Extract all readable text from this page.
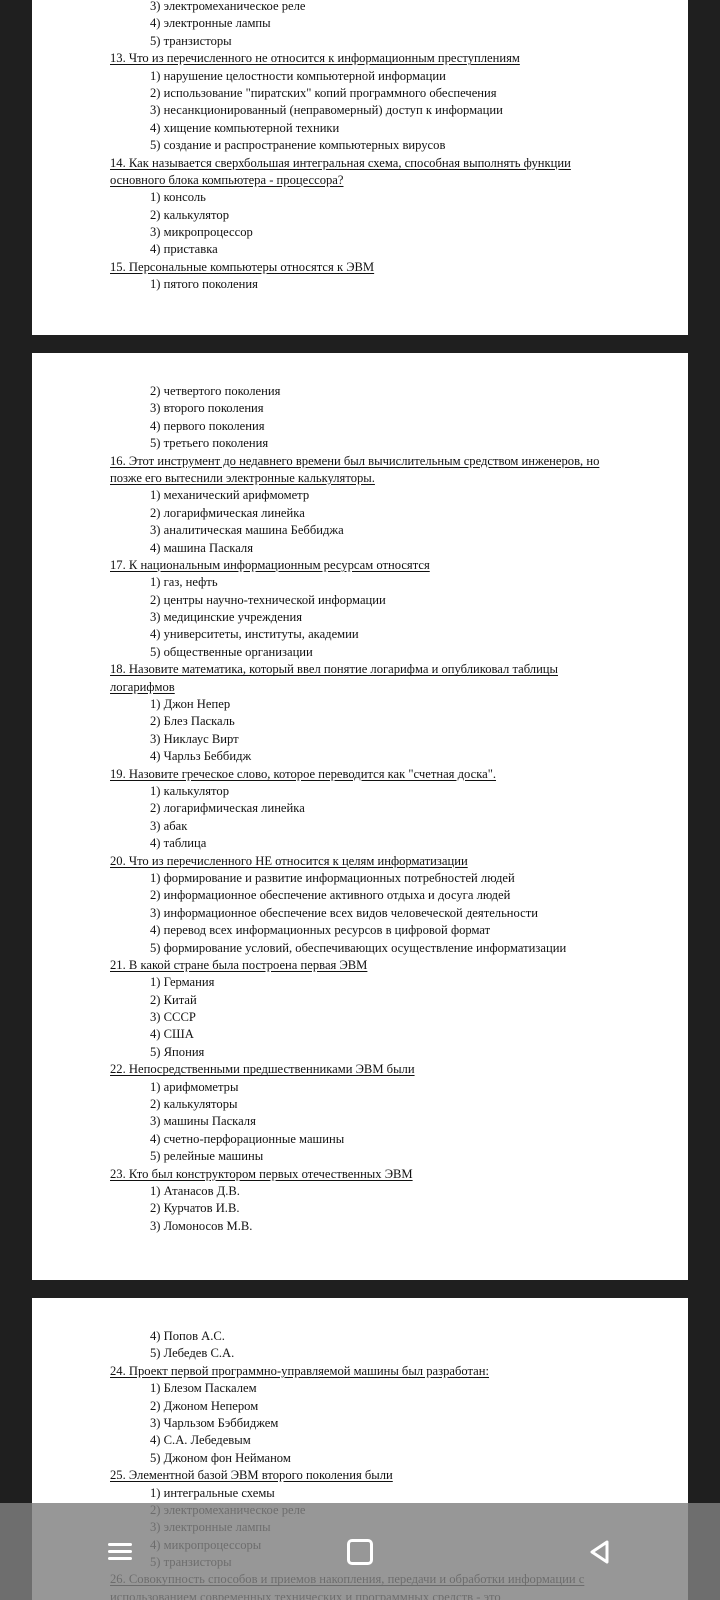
3) электромеханическое реле
4) электронные лампы
5) транзисторы
13. Что из перечисленного не относится к информационным преступлениям
1) нарушение целостности компьютерной информации
2) использование "пиратских" копий программного обеспечения
3) несанкционированный (неправомерный) доступ к информации
4) хищение компьютерной техники
5) создание и распространение компьютерных вирусов
14. Как называется сверхбольшая интегральная схема, способная выполнять функции
основного блока компьютера - процессора?
1) консоль
2) калькулятор
3) микропроцессор
4) приставка
15. Персональные компьютеры относятся к ЭВМ
1) пятого поколения
2) четвертого поколения
3) второго поколения
4) первого поколения
5) третьего поколения
16. Этот инструмент до недавнего времени был вычислительным средством инженеров, но
позже его вытеснили электронные калькуляторы.
1) механический арифмометр
2) логарифмическая линейка
3) аналитическая машина Беббиджа
4) машина Паскаля
17. К национальным информационным ресурсам относятся
1) газ, нефть
2) центры научно-технической информации
3) медицинские учреждения
4) университеты, институты, академии
5) общественные организации
18. Назовите математика, который ввел понятие логарифма и опубликовал таблицы
логарифмов
1) Джон Непер
2) Блез Паскаль
3) Никлаус Вирт
4) Чарльз Беббидж
19. Назовите греческое слово, которое переводится как "счетная доска".
1) калькулятор
2) логарифмическая линейка
3) абак
4) таблица
20. Что из перечисленного НЕ относится к целям информатизации
1) формирование и развитие информационных потребностей людей
2) информационное обеспечение активного отдыха и досуга людей
3) информационное обеспечение всех видов человеческой деятельности
4) перевод всех информационных ресурсов в цифровой формат
5) формирование условий, обеспечивающих осуществление информатизации
21. В какой стране была построена первая ЭВМ
1) Германия
2) Китай
3) СССР
4) США
5) Япония
22. Непосредственными предшественниками ЭВМ были
1) арифмометры
2) калькуляторы
3) машины Паскаля
4) счетно-перфорационные машины
5) релейные машины
23. Кто был конструктором первых отечественных ЭВМ
1) Атанасов Д.В.
2) Курчатов И.В.
3) Ломоносов М.В.
4) Попов А.С.
5) Лебедев С.А.
24. Проект первой программно-управляемой машины был разработан:
1) Блезом Паскалем
2) Джоном Непером
3) Чарльзом Бэббиджем
4) С.А. Лебедевым
5) Джоном фон Нейманом
25. Элементной базой ЭВМ второго поколения были
1) интегральные схемы
